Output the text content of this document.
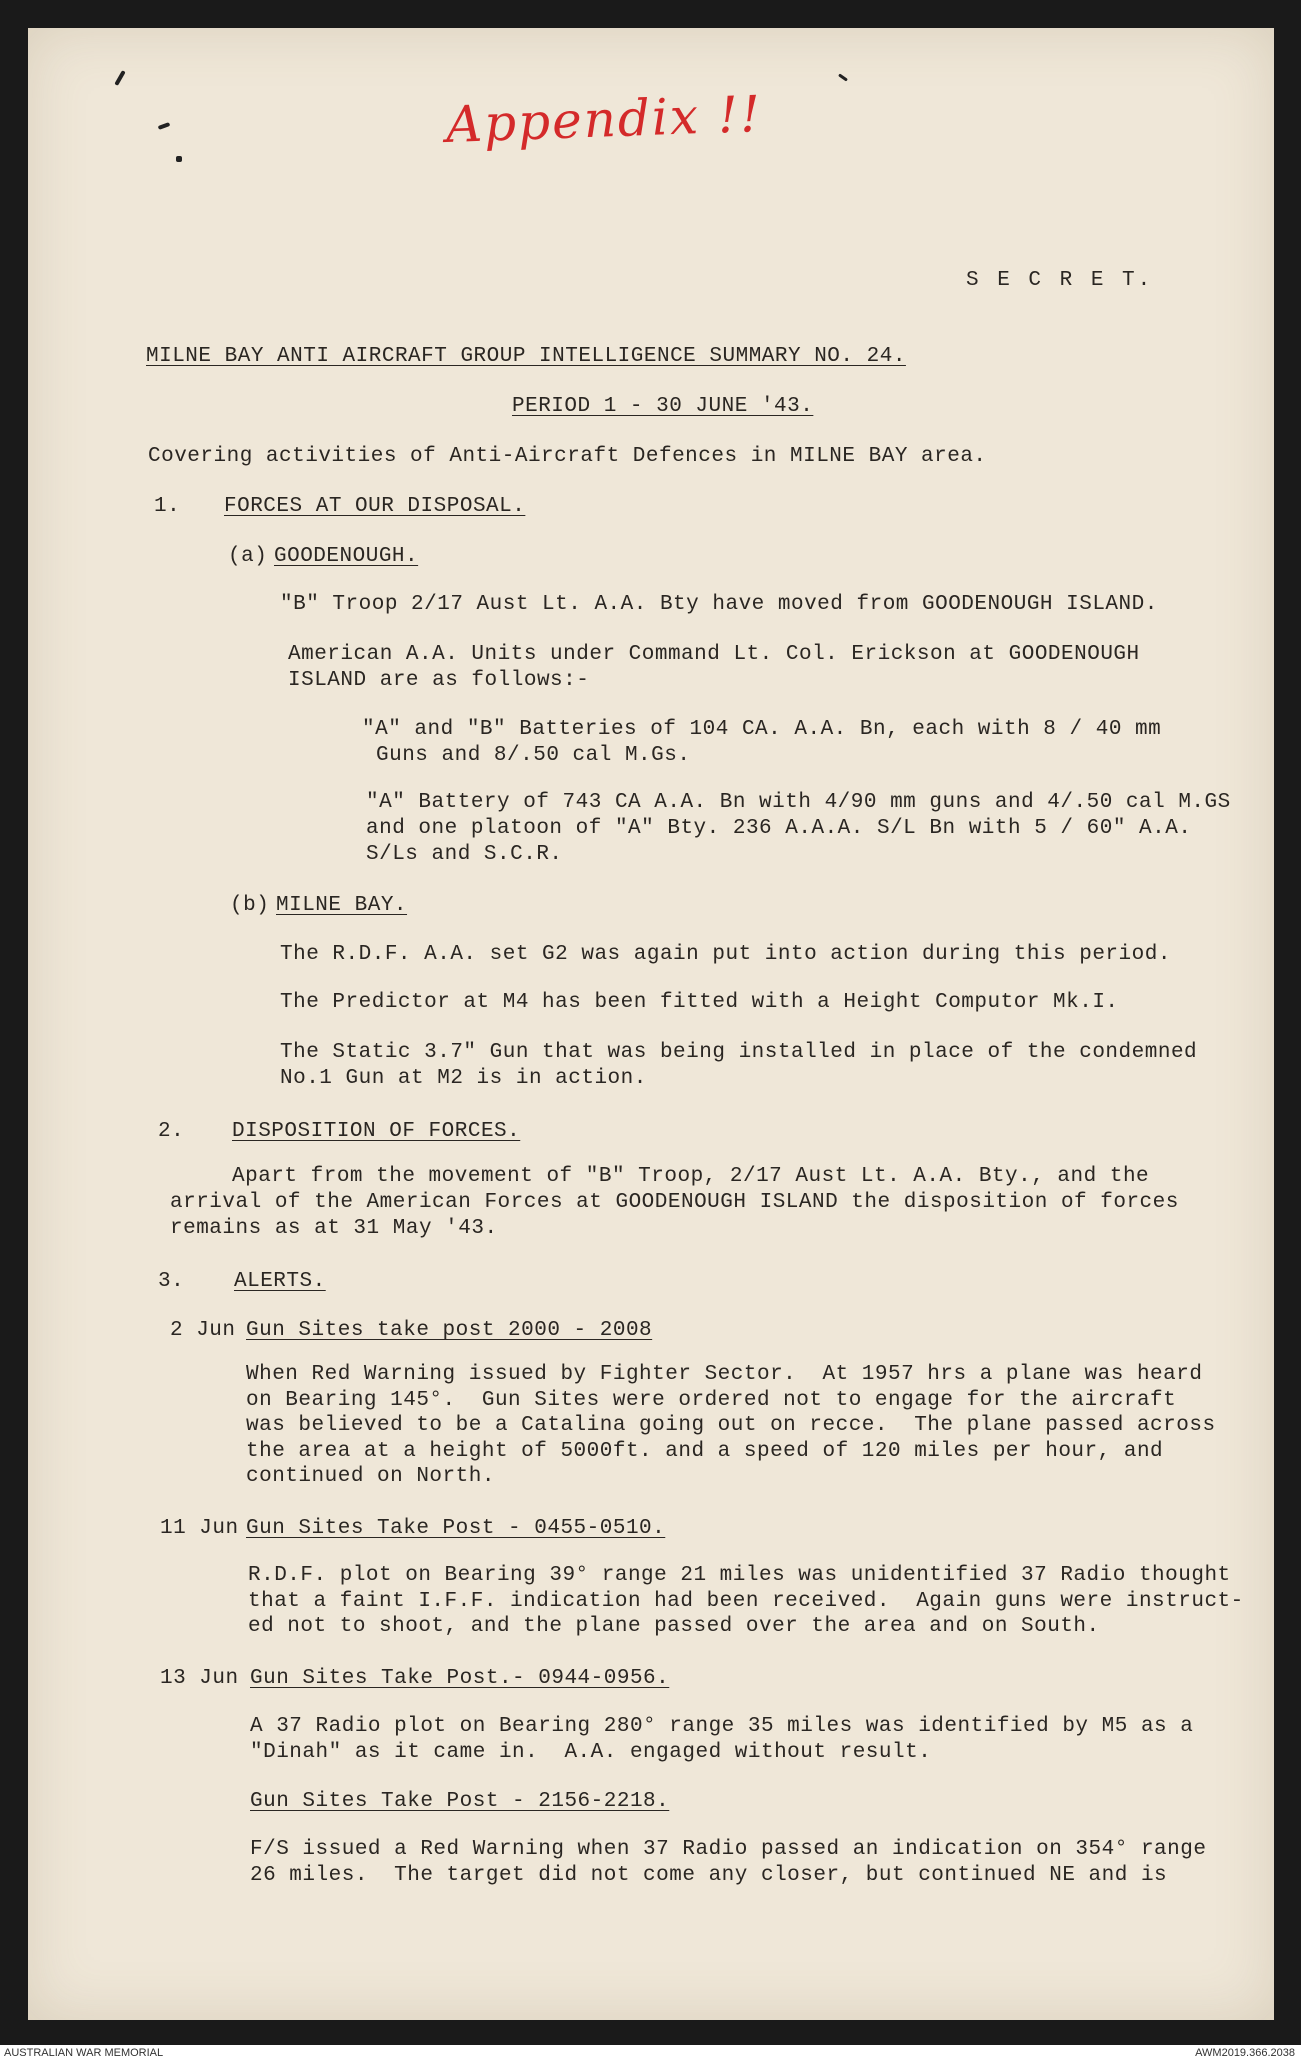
Appendix !!
S E C R E T.
MILNE BAY ANTI AIRCRAFT GROUP INTELLIGENCE SUMMARY NO. 24.
PERIOD 1 - 30 JUNE '43.
Covering activities of Anti-Aircraft Defences in MILNE BAY area.
1. FORCES AT OUR DISPOSAL.
(a) GOODENOUGH.
"B" Troop 2/17 Aust Lt. A.A. Bty have moved from GOODENOUGH ISLAND.
American A.A. Units under Command Lt. Col. Erickson at GOODENOUGH
ISLAND are as follows:-
"A" and "B" Batteries of 104 CA. A.A. Bn, each with 8 / 40 mm
Guns and 8/.50 cal M.Gs.
"A" Battery of 743 CA A.A. Bn with 4/90 mm guns and 4/.50 cal M.GS
and one platoon of "A" Bty. 236 A.A.A. S/L Bn with 5 / 60" A.A.
S/Ls and S.C.R.
(b) MILNE BAY.
The R.D.F. A.A. set G2 was again put into action during this period.
The Predictor at M4 has been fitted with a Height Computor Mk.I.
The Static 3.7" Gun that was being installed in place of the condemned
No.1 Gun at M2 is in action.
2. DISPOSITION OF FORCES.
Apart from the movement of "B" Troop, 2/17 Aust Lt. A.A. Bty., and the
arrival of the American Forces at GOODENOUGH ISLAND the disposition of forces
remains as at 31 May '43.
3. ALERTS.
2 Jun Gun Sites take post 2000 - 2008
When Red Warning issued by Fighter Sector.  At 1957 hrs a plane was heard
on Bearing 145°.  Gun Sites were ordered not to engage for the aircraft
was believed to be a Catalina going out on recce.  The plane passed across
the area at a height of 5000ft. and a speed of 120 miles per hour, and
continued on North.
11 Jun Gun Sites Take Post - 0455-0510.
R.D.F. plot on Bearing 39° range 21 miles was unidentified 37 Radio thought
that a faint I.F.F. indication had been received.  Again guns were instruct-
ed not to shoot, and the plane passed over the area and on South.
13 Jun Gun Sites Take Post.- 0944-0956.
A 37 Radio plot on Bearing 280° range 35 miles was identified by M5 as a
"Dinah" as it came in.  A.A. engaged without result.
Gun Sites Take Post - 2156-2218.
F/S issued a Red Warning when 37 Radio passed an indication on 354° range
26 miles.  The target did not come any closer, but continued NE and is
AUSTRALIAN WAR MEMORIAL	AWM2019.366.2038
